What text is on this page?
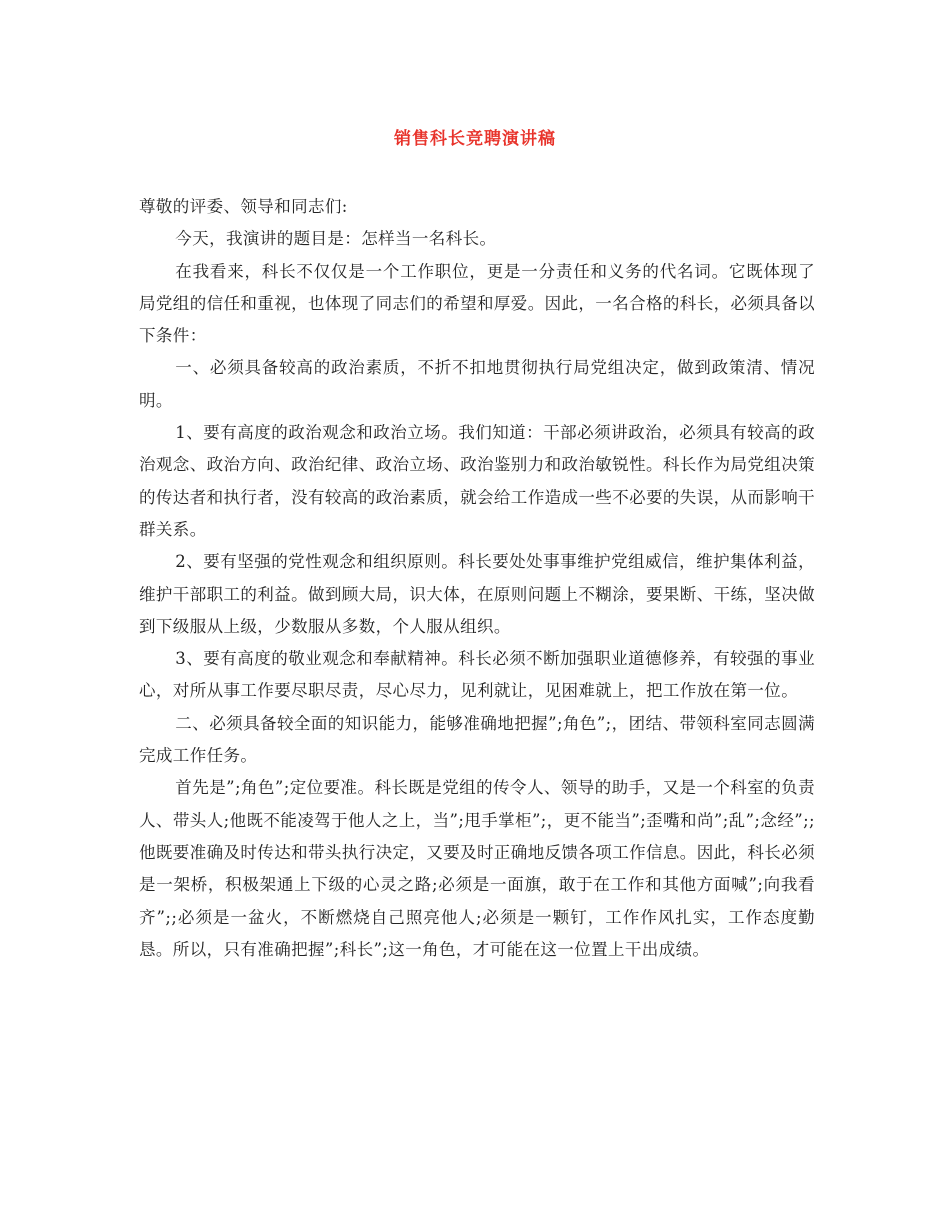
销售科长竞聘演讲稿

尊敬的评委、领导和同志们:

今天，我演讲的题目是：怎样当一名科长。

在我看来，科长不仅仅是一个工作职位，更是一分责任和义务的代名词。它既体现了局党组的信任和重视，也体现了同志们的希望和厚爱。因此，一名合格的科长，必须具备以下条件：

一、必须具备较高的政治素质，不折不扣地贯彻执行局党组决定，做到政策清、情况明。

1、要有高度的政治观念和政治立场。我们知道：干部必须讲政治，必须具有较高的政治观念、政治方向、政治纪律、政治立场、政治鉴别力和政治敏锐性。科长作为局党组决策的传达者和执行者，没有较高的政治素质，就会给工作造成一些不必要的失误，从而影响干群关系。

2、要有坚强的党性观念和组织原则。科长要处处事事维护党组威信，维护集体利益，维护干部职工的利益。做到顾大局，识大体，在原则问题上不糊涂，要果断、干练，坚决做到下级服从上级，少数服从多数，个人服从组织。

3、要有高度的敬业观念和奉献精神。科长必须不断加强职业道德修养，有较强的事业心，对所从事工作要尽职尽责，尽心尽力，见利就让，见困难就上，把工作放在第一位。

二、必须具备较全面的知识能力，能够准确地把握”;角色”;，团结、带领科室同志圆满完成工作任务。

首先是”;角色”;定位要准。科长既是党组的传令人、领导的助手，又是一个科室的负责人、带头人;他既不能凌驾于他人之上，当”;甩手掌柜”;，更不能当”;歪嘴和尚”;乱”;念经”;;他既要准确及时传达和带头执行决定，又要及时正确地反馈各项工作信息。因此，科长必须是一架桥，积极架通上下级的心灵之路;必须是一面旗，敢于在工作和其他方面喊”;向我看齐”;;必须是一盆火，不断燃烧自己照亮他人;必须是一颗钉，工作作风扎实，工作态度勤恳。所以，只有准确把握”;科长”;这一角色，才可能在这一位置上干出成绩。
